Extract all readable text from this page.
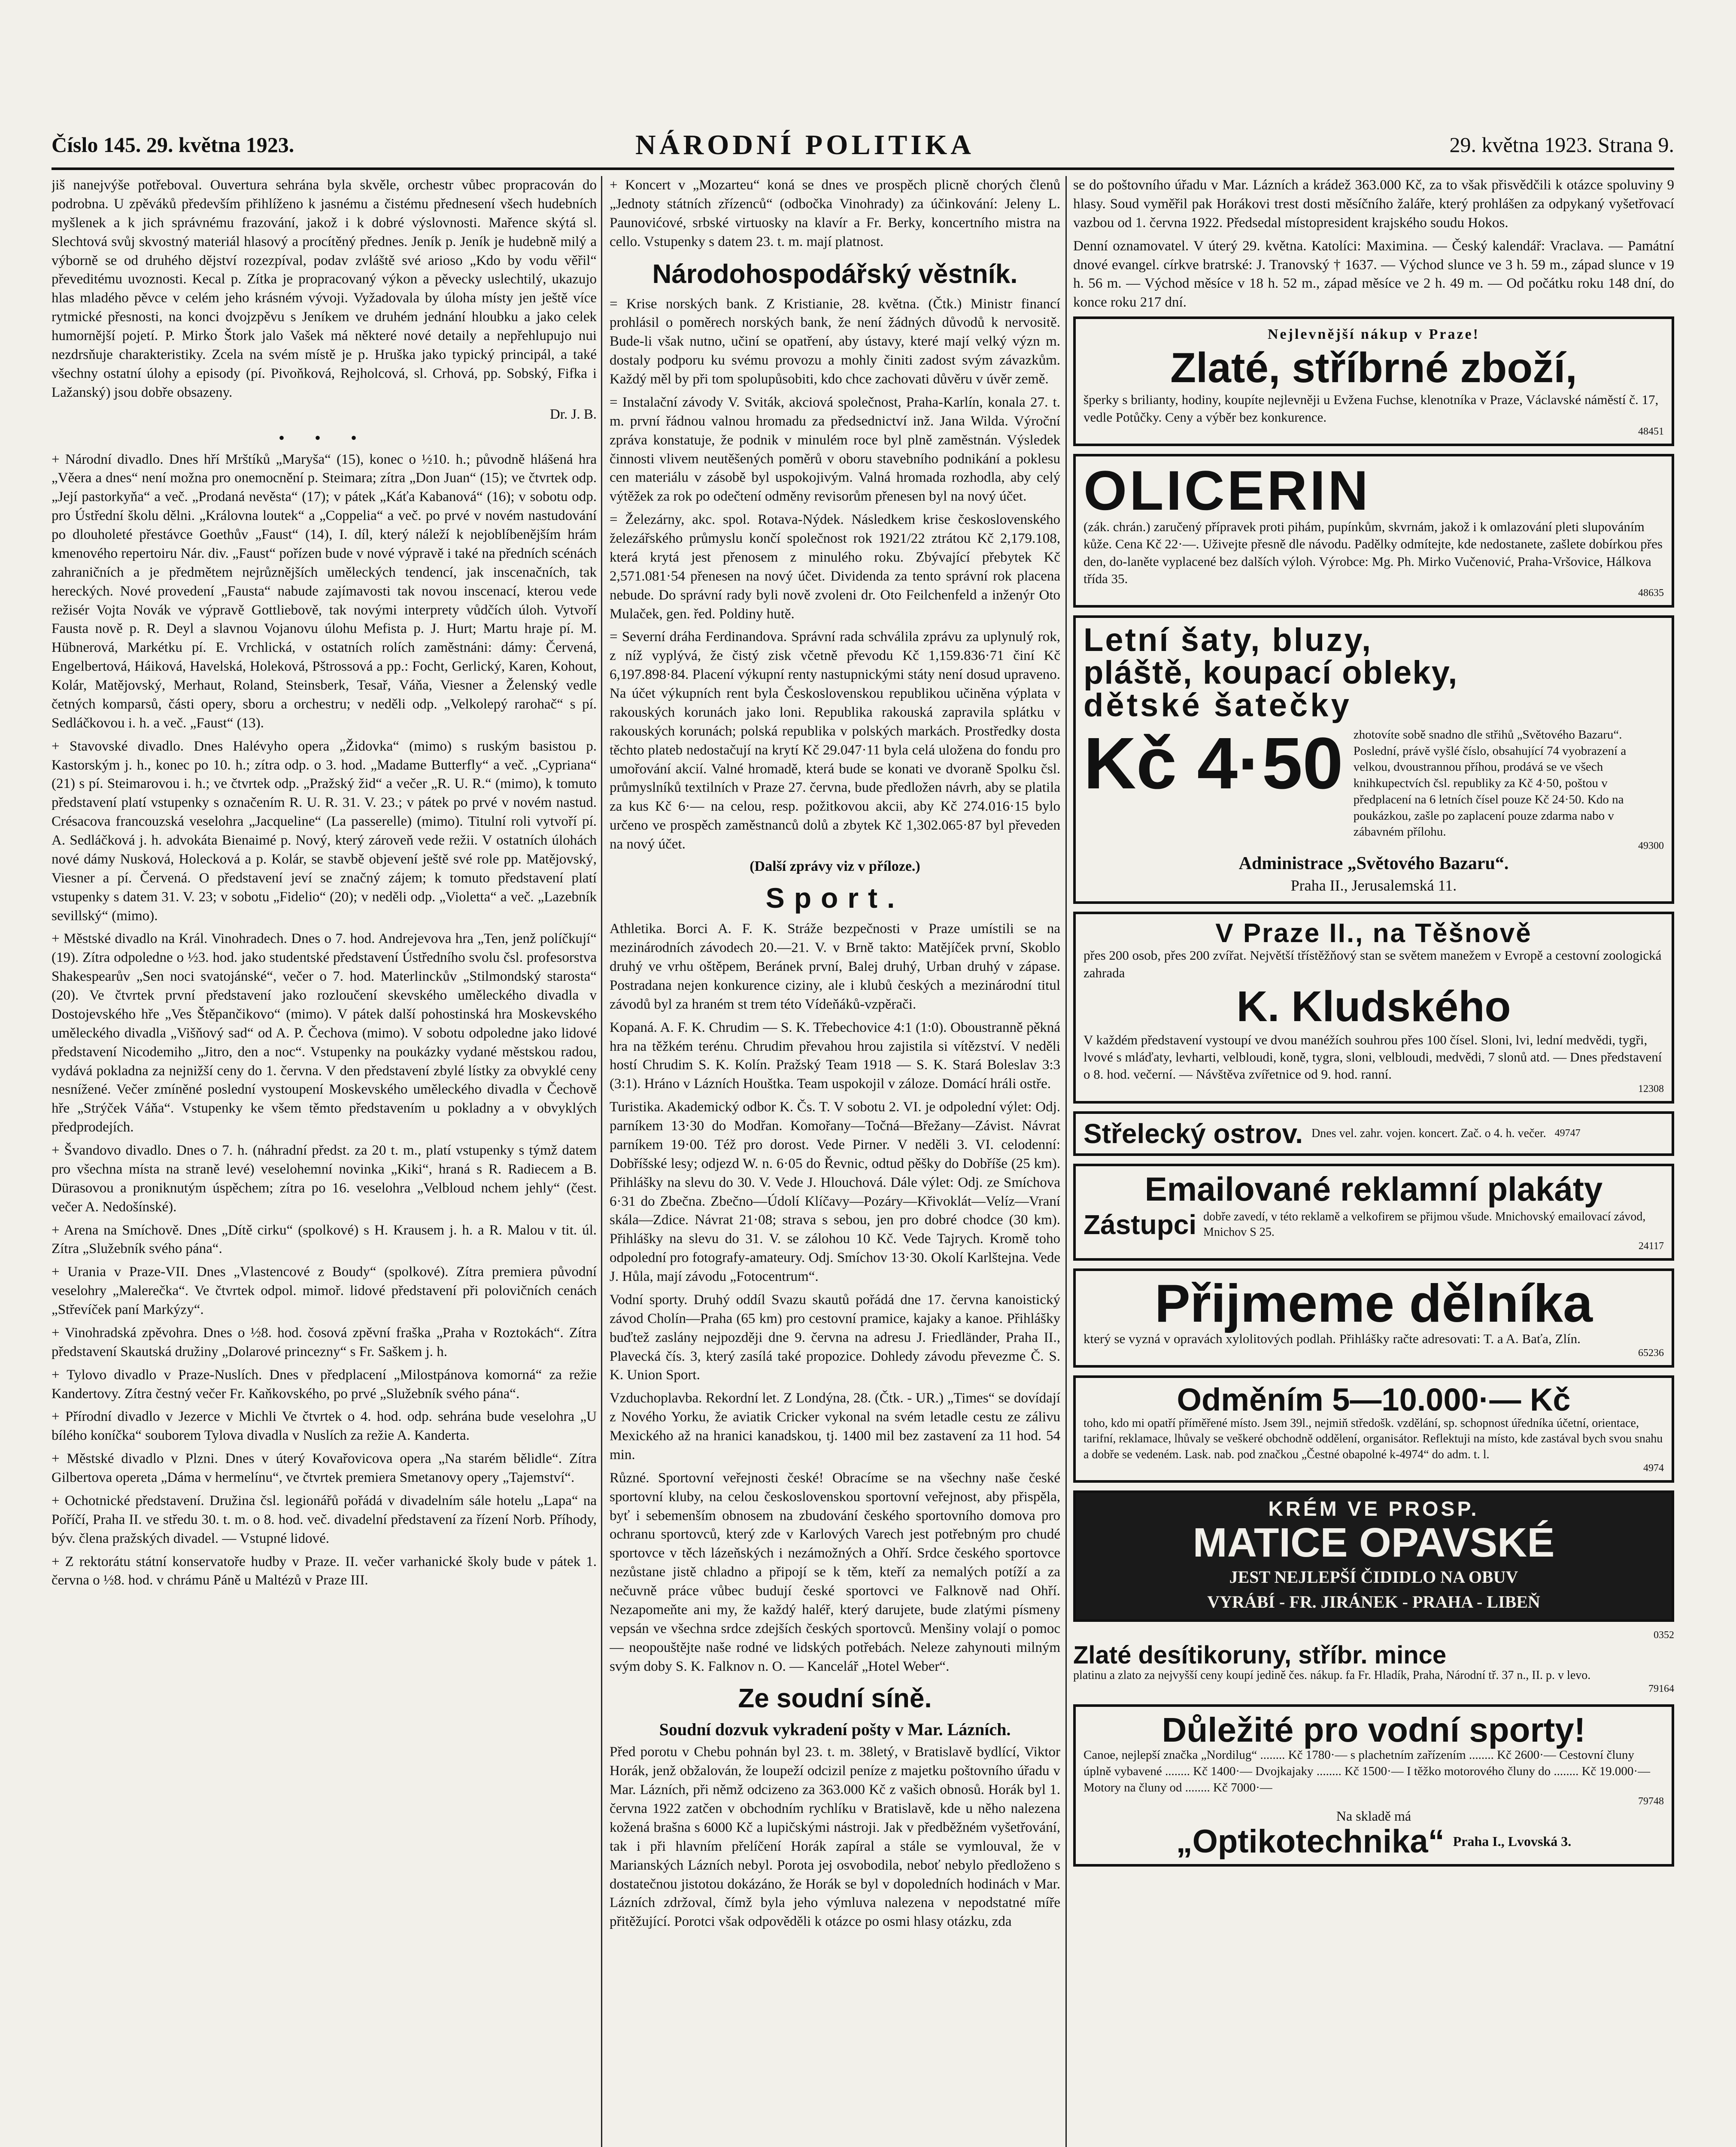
Číslo 145. 29. května 1923.	NÁRODNÍ POLITIKA	29. května 1923. Strana 9.

jiš nanejvýše potřeboval. Ouvertura sehrána byla skvěle, orchestr vůbec propracován do podrobna. U zpěváků především přihlíženo k jasnému a čistému přednesení všech hudebních myšlenek a k jich správnému frazování, jakož i k dobré výslovnosti. Mařence skýtá sl. Slechtová svůj skvostný materiál hlasový a procítěný přednes. Jeník p. Jeník je hudebně milý a výborně se od druhého dějství rozezpíval, podav zvláště své arioso „Kdo by vodu věřil“ převeditému uvoznosti. Kecal p. Zítka je propracovaný výkon a pěvecky uslechtilý, ukazujo hlas mladého pěvce v celém jeho krásném vývoji. Vyžadovala by úloha místy jen ještě více rytmické přesnosti, na konci dvojzpěvu s Jeníkem ve druhém jednání hloubku a jako celek humornější pojetí. P. Mirko Štork jalo Vašek má některé nové detaily a nepřehlupujo nui nezdrsňuje charakteristiky. Zcela na svém místě je p. Hruška jako typický principál, a také všechny ostatní úlohy a episody (pí. Pivoňková, Rejholcová, sl. Crhová, pp. Sobský, Fifka i Lažanský) jsou dobře obsazeny.

Dr. J. B.

• • •

+ Národní divadlo. Dnes hří Mrštíků „Maryša“ (15), konec o ½10. h.; původně hlášená hra „Věera a dnes“ není možna pro onemocnění p. Steimara; zítra „Don Juan“ (15); ve čtvrtek odp. „Její pastorkyňa“ a več. „Prodaná nevěsta“ (17); v pátek „Káťa Kabanová“ (16); v sobotu odp. pro Ústřední školu dělni. „Královna loutek“ a „Coppelia“ a več. po prvé v novém nastudování po dlouholeté přestávce Goethův „Faust“ (14), I. díl, který náleží k nejoblíbenějším hrám kmenového repertoiru Nár. div. „Faust“ pořízen bude v nové výpravě i také na předních scénách zahraničních a je předmětem nejrůznějších uměleckých tendencí, jak inscenačních, tak hereckých. Nové provedení „Fausta“ nabude zajímavosti tak novou inscenací, kterou vede režisér Vojta Novák ve výpravě Gottliebově, tak novými interprety vůdčích úloh. Vytvoří Fausta nově p. R. Deyl a slavnou Vojanovu úlohu Mefista p. J. Hurt; Martu hraje pí. M. Hübnerová, Markétku pí. E. Vrchlická, v ostatních rolích zaměstnáni: dámy: Červená, Engelbertová, Háiková, Havelská, Holeková, Pštrossová a pp.: Focht, Gerlický, Karen, Kohout, Kolár, Matějovský, Merhaut, Roland, Steinsberk, Tesař, Váňa, Viesner a Želenský vedle četných komparsů, části opery, sboru a orchestru; v neděli odp. „Velkolepý rarohač“ s pí. Sedláčkovou i. h. a več. „Faust“ (13).

+ Stavovské divadlo. Dnes Halévyho opera „Židovka“ (mimo) s ruským basistou p. Kastorským j. h., konec po 10. h.; zítra odp. o 3. hod. „Madame Butterfly“ a več. „Cypriana“ (21) s pí. Steimarovou i. h.; ve čtvrtek odp. „Pražský žid“ a večer „R. U. R.“ (mimo), k tomuto představení platí vstupenky s označením R. U. R. 31. V. 23.; v pátek po prvé v novém nastud. Crésacova francouzská veselohra „Jacqueline“ (La passerelle) (mimo). Titulní roli vytvoří pí. A. Sedláčková j. h. advokáta Bienaimé p. Nový, který zároveň vede režii. V ostatních úlohách nové dámy Nusková, Holecková a p. Kolár, se stavbě objevení ještě své role pp. Matějovský, Viesner a pí. Červená. O představení jeví se značný zájem; k tomuto představení platí vstupenky s datem 31. V. 23; v sobotu „Fidelio“ (20); v neděli odp. „Violetta“ a več. „Lazebník sevillský“ (mimo).

+ Městské divadlo na Král. Vinohradech. Dnes o 7. hod. Andrejevova hra „Ten, jenž políčkují“ (19). Zítra odpoledne o ½3. hod. jako studentské představení Ústředního svolu čsl. profesorstva Shakespearův „Sen noci svatojánské“, večer o 7. hod. Materlinckův „Stilmondský starosta“ (20). Ve čtvrtek první představení jako rozloučení skevského uměleckého divadla v Dostojevského hře „Ves Štěpančikovo“ (mimo). V pátek další pohostinská hra Moskevského uměleckého divadla „Višňový sad“ od A. P. Čechova (mimo). V sobotu odpoledne jako lidové představení Nicodemiho „Jitro, den a noc“. Vstupenky na poukázky vydané městskou radou, vydává pokladna za nejnižší ceny do 1. června. V den představení zbylé lístky za obvyklé ceny nesnížené. Večer zmíněné poslední vystoupení Moskevského uměleckého divadla v Čechově hře „Strýček Váňa“. Vstupenky ke všem těmto představením u pokladny a v obvyklých předprodejích.

+ Švandovo divadlo. Dnes o 7. h. (náhradní předst. za 20 t. m., platí vstupenky s týmž datem pro všechna místa na straně levé) veselohemní novinka „Kiki“, hraná s R. Radiecem a B. Dürasovou a proniknutým úspěchem; zítra po 16. veselohra „Velbloud nchem jehly“ (čest. večer A. Nedošínské).

+ Arena na Smíchově. Dnes „Dítě cirku“ (spolkové) s H. Krausem j. h. a R. Malou v tit. úl. Zítra „Služebník svého pána“.

+ Urania v Praze-VII. Dnes „Vlastencové z Boudy“ (spolkové). Zítra premiera původní veselohry „Malerečka“. Ve čtvrtek odpol. mimoř. lidové představení při polovičních cenách „Střevíček paní Markýzy“.

+ Vinohradská zpěvohra. Dnes o ½8. hod. čosová zpěvní fraška „Praha v Roztokách“. Zítra představení Skautská družiny „Dolarové princezny“ s Fr. Saškem j. h.

+ Tylovo divadlo v Praze-Nuslích. Dnes v předplacení „Milostpánova komorná“ za režie Kandertovy. Zítra čestný večer Fr. Kaňkovského, po prvé „Služebník svého pána“.

+ Přírodní divadlo v Jezerce v Michli Ve čtvrtek o 4. hod. odp. sehrána bude veselohra „U bílého koníčka“ souborem Tylova divadla v Nuslích za režie A. Kanderta.

+ Městské divadlo v Plzni. Dnes v úterý Kovařovicova opera „Na starém bělidle“. Zítra Gilbertova opereta „Dáma v hermelínu“, ve čtvrtek premiera Smetanovy opery „Tajemství“.

+ Ochotnické představení. Družina čsl. legionářů pořádá v divadelním sále hotelu „Lapa“ na Poříčí, Praha II. ve středu 30. t. m. o 8. hod. več. divadelní představení za řízení Norb. Příhody, býv. člena pražských divadel. — Vstupné lidové.

+ Z rektorátu státní konservatoře hudby v Praze. II. večer varhanické školy bude v pátek 1. června o ½8. hod. v chrámu Páně u Maltézů v Praze III.

+ Koncert v „Mozarteu“ koná se dnes ve prospěch plicně chorých členů „Jednoty státních zřízenců“ (odbočka Vinohrady) za účinkování: Jeleny L. Paunovićové, srbské virtuosky na klavír a Fr. Berky, koncertního mistra na cello. Vstupenky s datem 23. t. m. mají platnost.

Národohospodářský věstník.

= Krise norských bank. Z Kristianie, 28. května. (Čtk.) Ministr financí prohlásil o poměrech norských bank, že není žádných důvodů k nervositě. Bude-li však nutno, učiní se opatření, aby ústavy, které mají velký význ m. dostaly podporu ku svému provozu a mohly činiti zadost svým závazkům. Každý měl by při tom spolupůsobiti, kdo chce zachovati důvěru v úvěr země.

= Instalační závody V. Sviták, akciová společnost, Praha-Karlín, konala 27. t. m. první řádnou valnou hromadu za předsednictví inž. Jana Wilda. Výroční zpráva konstatuje, že podnik v minulém roce byl plně zaměstnán. Výsledek činnosti vlivem neutěšených poměrů v oboru stavebního podnikání a poklesu cen materiálu v zásobě byl uspokojivým. Valná hromada rozhodla, aby celý výtěžek za rok po odečtení odměny revisorům přenesen byl na nový účet.

= Železárny, akc. spol. Rotava-Nýdek. Následkem krise československého železářského průmyslu končí společnost rok 1921/22 ztrátou Kč 2,179.108, která krytá jest přenosem z minulého roku. Zbývající přebytek Kč 2,571.081·54 přenesen na nový účet. Dividenda za tento správní rok placena nebude. Do správní rady byli nově zvoleni dr. Oto Feilchenfeld a inženýr Oto Mulaček, gen. řed. Poldiny hutě.

= Severní dráha Ferdinandova. Správní rada schválila zprávu za uplynulý rok, z níž vyplývá, že čistý zisk včetně převodu Kč 1,159.836·71 činí Kč 6,197.898·84. Placení výkupní renty nastupnickými státy není dosud upraveno. Na účet výkupních rent byla Československou republikou učiněna výplata v rakouských korunách jako loni. Republika rakouská zapravila splátku v rakouských korunách; polská republika v polských markách. Prostředky dosta těchto plateb nedostačují na krytí Kč 29.047·11 byla celá uložena do fondu pro umořování akcií. Valné hromadě, která bude se konati ve dvoraně Spolku čsl. průmyslníků textilních v Praze 27. června, bude předložen návrh, aby se platila za kus Kč 6·— na celou, resp. požitkovou akcii, aby Kč 274.016·15 bylo určeno ve prospěch zaměstnanců dolů a zbytek Kč 1,302.065·87 byl převeden na nový účet.

(Další zprávy viz v příloze.)

Sport.

Athletika. Borci A. F. K. Stráže bezpečnosti v Praze umístili se na mezinárodních závodech 20.—21. V. v Brně takto: Matějíček první, Skoblo druhý ve vrhu oštěpem, Beránek první, Balej druhý, Urban druhý v zápase. Postradana nejen konkurence ciziny, ale i klubů českých a mezinárodní titul závodů byl za hraném st trem této Vídeňáků-vzpěrači.

Kopaná. A. F. K. Chrudim — S. K. Třebechovice 4:1 (1:0). Oboustranně pěkná hra na těžkém terénu. Chrudim převahou hrou zajistila si vítězství. V neděli hostí Chrudim S. K. Kolín. Pražský Team 1918 — S. K. Stará Boleslav 3:3 (3:1). Hráno v Lázních Houštka. Team uspokojil v záloze. Domácí hráli ostře.

Turistika. Akademický odbor K. Čs. T. V sobotu 2. VI. je odpolední výlet: Odj. parníkem 13·30 do Modřan. Komořany—Točná—Břežany—Závist. Návrat parníkem 19·00. Též pro dorost. Vede Pirner. V neděli 3. VI. celodenní: Dobříšské lesy; odjezd W. n. 6·05 do Řevnic, odtud pěšky do Dobříše (25 km). Přihlášky na slevu do 30. V. Vede J. Hlouchová. Dále výlet: Odj. ze Smíchova 6·31 do Zbečna. Zbečno—Údolí Klíčavy—Pozáry—Křivoklát—Velíz—Vraní skála—Zdice. Návrat 21·08; strava s sebou, jen pro dobré chodce (30 km). Přihlášky na slevu do 31. V. se zálohou 10 Kč. Vede Tajrych. Kromě toho odpolední pro fotografy-amateury. Odj. Smíchov 13·30. Okolí Karlštejna. Vede J. Hůla, mají závodu „Fotocentrum“.

Vodní sporty. Druhý oddíl Svazu skautů pořádá dne 17. června kanoistický závod Cholín—Praha (65 km) pro cestovní pramice, kajaky a kanoe. Přihlášky buďtež zaslány nejpozději dne 9. června na adresu J. Friedländer, Praha II., Plavecká čís. 3, který zasílá také propozice. Dohledy závodu převezme Č. S. K. Union Sport.

Vzduchoplavba. Rekordní let. Z Londýna, 28. (Čtk. - UR.) „Times“ se dovídají z Nového Yorku, že aviatik Cricker vykonal na svém letadle cestu ze zálivu Mexického až na hranici kanadskou, tj. 1400 mil bez zastavení za 11 hod. 54 min.

Různé. Sportovní veřejnosti české! Obracíme se na všechny naše české sportovní kluby, na celou československou sportovní veřejnost, aby přispěla, byť i sebemenším obnosem na zbudování českého sportovního domova pro ochranu sportovců, který zde v Karlových Varech jest potřebným pro chudé sportovce v těch lázeňských i nezámožných a Ohří. Srdce českého sportovce nezůstane jistě chladno a připojí se k těm, kteří za nemalých potíží a za nečuvně práce vůbec budují české sportovci ve Falknově nad Ohří. Nezapomeňte ani my, že každý haléř, který darujete, bude zlatými písmeny vepsán ve všechna srdce zdejších českých sportovců. Menšiny volají o pomoc — neopouštějte naše rodné ve lidských potřebách. Neleze zahynouti milným svým doby S. K. Falknov n. O. — Kancelář „Hotel Weber“.

Ze soudní síně.
Soudní dozvuk vykradení pošty v Mar. Lázních.

Před porotu v Chebu pohnán byl 23. t. m. 38letý, v Bratislavě bydlící, Viktor Horák, jenž obžalován, že loupeží odcizil peníze z majetku poštovního úřadu v Mar. Lázních, při němž odcizeno za 363.000 Kč z vašich obnosů. Horák byl 1. června 1922 zatčen v obchodním rychlíku v Bratislavě, kde u něho nalezena kožená brašna s 6000 Kč a lupičskými nástroji. Jak v předběžném vyšetřování, tak i při hlavním přelíčení Horák zapíral a stále se vymlouval, že v Marianských Lázních nebyl. Porota jej osvobodila, neboť nebylo předloženo s dostatečnou jistotou dokázáno, že Horák se byl v dopoledních hodinách v Mar. Lázních zdržoval, čímž byla jeho výmluva nalezena v nepodstatné míře přitěžující. Porotci však odpověděli k otázce po osmi hlasy otázku, zda

se do poštovního úřadu v Mar. Lázních a krádež 363.000 Kč, za to však přisvědčili k otázce spoluviny 9 hlasy. Soud vyměřil pak Horákovi trest dosti měsíčního žaláře, který prohlášen za odpykaný vyšetřovací vazbou od 1. června 1922. Předsedal místopresident krajského soudu Hokos.

Denní oznamovatel. V úterý 29. května. Katolíci: Maximina. — Český kalendář: Vraclava. — Památní dnové evangel. církve bratrské: J. Tranovský † 1637. — Východ slunce ve 3 h. 59 m., západ slunce v 19 h. 56 m. — Východ měsíce v 18 h. 52 m., západ měsíce ve 2 h. 49 m. — Od počátku roku 148 dní, do konce roku 217 dní.

Nejlevnější nákup v Praze!

Zlaté, stříbrné zboží,

šperky s brilianty, hodiny, koupíte nejlevněji u Evžena Fuchse, klenotníka v Praze, Václavské náměstí č. 17, vedle Potůčky. Ceny a výběr bez konkurence.

48451

OLICERIN

(zák. chrán.) zaručený přípravek proti pihám, pupínkům, skvrnám, jakož i k omlazování pleti slupováním kůže. Cena Kč 22·—. Uživejte přesně dle návodu. Padělky odmítejte, kde nedostanete, zašlete dobírkou přes den, do-laněte vyplacené bez dalších výloh. Výrobce: Mg. Ph. Mirko Vučenović, Praha-Vršovice, Hálkova třída 35.

48635

Letní šaty, bluzy,

pláště, koupací obleky,

dětské šatečky

Kč 4·50 zhotovíte sobě snadno dle střihů „Světového Bazaru“. Poslední, právě vyšlé číslo, obsahující 74 vyobrazení a velkou, dvoustrannou příhou, prodává se ve všech knihkupectvích čsl. republiky za Kč 4·50, poštou v předplacení na 6 letních čísel pouze Kč 24·50. Kdo na poukázkou, zašle po zaplacení pouze zdarma nabo v zábavném přílohu.

49300

Administrace „Světového Bazaru“.

Praha II., Jerusalemská 11.

V Praze II., na Těšnově

přes 200 osob, přes 200 zvířat. Největší třístěžňový stan se světem manežem v Evropě a cestovní zoologická zahrada

K. Kludského

V každém představení vystoupí ve dvou manéžích souhrou přes 100 čísel. Sloni, lvi, lední medvědi, tygři, lvové s mláďaty, levharti, velbloudi, koně, tygra, sloni, velbloudi, medvědi, 7 slonů atd. — Dnes představení o 8. hod. večerní. — Návštěva zvířetnice od 9. hod. ranní.

12308

Střelecký ostrov. Dnes vel. zahr. vojen. koncert. Zač. o 4. h. večer. 49747

Emailované reklamní plakáty

Zástupci dobře zavedí, v této reklamě a velkofirem se přijmou všude. Mnichovský emailovací závod, Mnichov S 25.

24117

Přijmeme dělníka

který se vyzná v opravách xylolitových podlah. Přihlášky račte adresovati: T. a A. Baťa, Zlín.

65236

Odměním 5—10.000·— Kč

toho, kdo mi opatří příměřené místo. Jsem 39l., nejmiň středošk. vzdělání, sp. schopnost úředníka účetní, orientace, tarifní, reklamace, lhůvaly se veškeré obchodně oddělení, organisátor. Reflektuji na místo, kde zastával bych svou snahu a dobře se vedeném. Lask. nab. pod značkou „Čestné obapolné k-4974“ do adm. t. l.

4974

KRÉM VE PROSP.

MATICE OPAVSKÉ

JEST NEJLEPŠÍ ČIDIDLO NA OBUV

VYRÁBÍ - FR. JIRÁNEK - PRAHA - LIBEŇ

0352

Zlaté desítikoruny, stříbr. mince

platinu a zlato za nejvyšší ceny koupí jedině čes. nákup. fa Fr. Hladík, Praha, Národní tř. 37 n., II. p. v levo.

79164

Důležité pro vodní sporty!

Canoe, nejlepší značka „Nordilug“ ........ Kč 1780·— s plachetním zařízením ........ Kč 2600·— Cestovní čluny úplně vybavené ........ Kč 1400·— Dvojkajaky ........ Kč 1500·— I těžko motorového čluny do ........ Kč 19.000·— Motory na čluny od ........ Kč 7000·—

79748

Na skladě má

„Optikotechnika“ Praha I., Lvovská 3.
